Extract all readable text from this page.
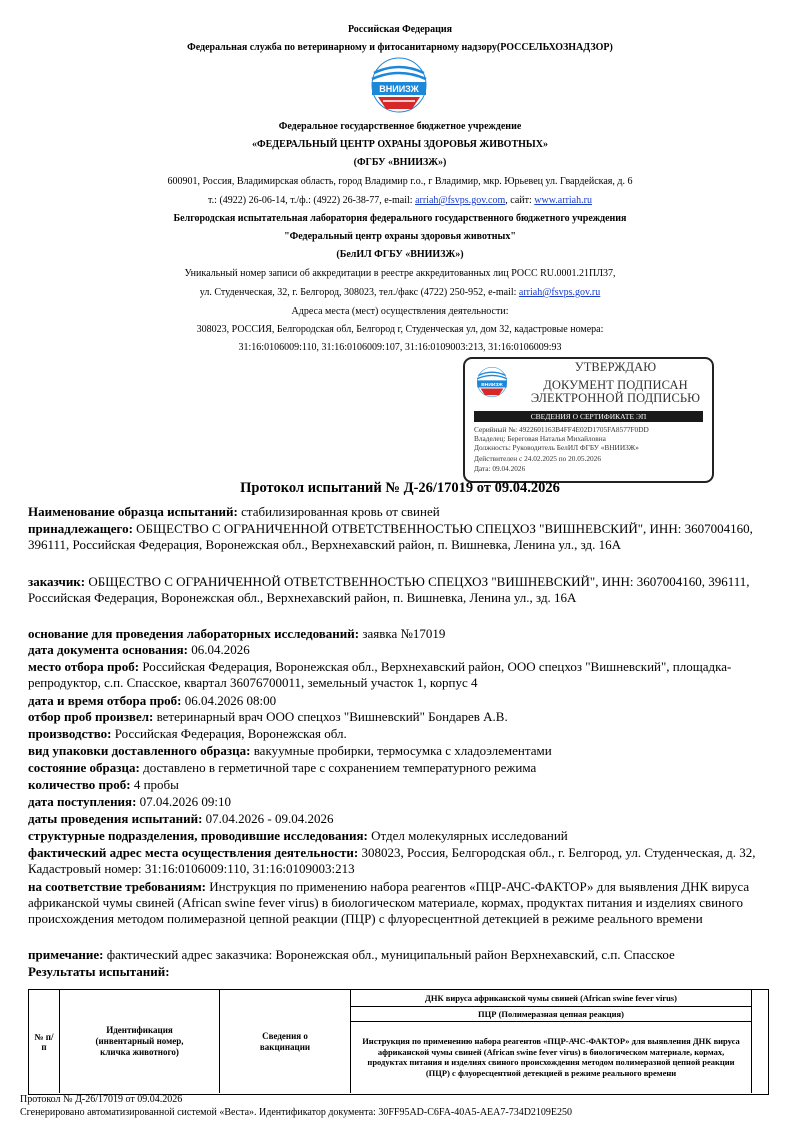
Российская Федерация
Федеральная служба по ветеринарному и фитосанитарному надзору(РОССЕЛЬХОЗНАДЗОР)
ВНИИЗЖ
Федеральное государственное бюджетное учреждение
«ФЕДЕРАЛЬНЫЙ ЦЕНТР ОХРАНЫ ЗДОРОВЬЯ ЖИВОТНЫХ»
(ФГБУ «ВНИИЗЖ»)
600901, Россия, Владимирская область, город Владимир г.о., г Владимир, мкр. Юрьевец ул. Гвардейская, д. 6
т.: (4922) 26-06-14, т./ф.: (4922) 26-38-77, e-mail: arriah@fsvps.gov.com, сайт: www.arriah.ru
Белгородская испытательная лаборатория федерального государственного бюджетного учреждения
"Федеральный центр охраны здоровья животных"
(БелИЛ ФГБУ «ВНИИЗЖ»)
Уникальный номер записи об аккредитации в реестре аккредитованных лиц РОСС RU.0001.21ПЛ37,
ул. Студенческая, 32, г. Белгород, 308023, тел./факс (4722) 250-952, e-mail: arriah@fsvps.gov.ru
Адреса места (мест) осуществления деятельности:
308023, РОССИЯ, Белгородская обл, Белгород г, Студенческая ул, дом 32, кадастровые номера:
31:16:0106009:110, 31:16:0106009:107, 31:16:0109003:213, 31:16:0106009:93
ВНИИЗЖ
УТВЕРЖДАЮ
ДОКУМЕНТ ПОДПИСАН
ЭЛЕКТРОННОЙ ПОДПИСЬЮ
СВЕДЕНИЯ О СЕРТИФИКАТЕ ЭП
Серийный №: 4922601163B4FF4E02D1705FA8577F0DD
Владелец: Береговая Наталья Михайловна
Должность: Руководитель БелИЛ ФГБУ «ВНИИЗЖ»
Действителен с 24.02.2025 по 20.05.2026
Дата: 09.04.2026
Протокол испытаний № Д-26/17019 от 09.04.2026
Наименование образца испытаний: стабилизированная кровь от свиней
принадлежащего: ОБЩЕСТВО С ОГРАНИЧЕННОЙ ОТВЕТСТВЕННОСТЬЮ СПЕЦХОЗ "ВИШНЕВСКИЙ", ИНН: 3607004160, 396111, Российская Федерация, Воронежская обл., Верхнехавский район, п. Вишневка, Ленина ул., зд. 16А
заказчик: ОБЩЕСТВО С ОГРАНИЧЕННОЙ ОТВЕТСТВЕННОСТЬЮ СПЕЦХОЗ "ВИШНЕВСКИЙ", ИНН: 3607004160, 396111, Российская Федерация, Воронежская обл., Верхнехавский район, п. Вишневка, Ленина ул., зд. 16А
основание для проведения лабораторных исследований: заявка №17019
дата документа основания: 06.04.2026
место отбора проб: Российская Федерация, Воронежская обл., Верхнехавский район, ООО спецхоз "Вишневский", площадка-репродуктор, с.п. Спасское, квартал 36076700011, земельный участок 1, корпус 4
дата и время отбора проб: 06.04.2026 08:00
отбор проб произвел: ветеринарный врач ООО спецхоз "Вишневский" Бондарев А.В.
производство: Российская Федерация, Воронежская обл.
вид упаковки доставленного образца: вакуумные пробирки, термосумка с хладоэлементами
состояние образца: доставлено в герметичной таре с сохранением температурного режима
количество проб: 4 пробы
дата поступления: 07.04.2026 09:10
даты проведения испытаний: 07.04.2026 - 09.04.2026
структурные подразделения, проводившие исследования: Отдел молекулярных исследований
фактический адрес места осуществления деятельности: 308023, Россия, Белгородская обл., г. Белгород, ул. Студенческая, д. 32, Кадастровый номер: 31:16:0106009:110, 31:16:0109003:213
на соответствие требованиям: Инструкция по применению набора реагентов «ПЦР-АЧС-ФАКТОР» для выявления ДНК вируса африканской чумы свиней (African swine fever virus) в биологическом материале, кормах, продуктах питания и изделиях свиного происхождения методом полимеразной цепной реакции (ПЦР) с флуоресцентной детекцией в режиме реального времени
примечание: фактический адрес заказчика: Воронежская обл., муниципальный район Верхнехавский, с.п. Спасское
Результаты испытаний:
№ п/п
Идентификация (инвентарный номер, кличка животного)
Сведения о вакцинации
ДНК вируса африканской чумы свиней (African swine fever virus)
ПЦР (Полимеразная цепная реакция)
Инструкция по применению набора реагентов «ПЦР-АЧС-ФАКТОР» для выявления ДНК вируса африканской чумы свиней (African swine fever virus) в биологическом материале, кормах, продуктах питания и изделиях свиного происхождения методом полимеразной цепной реакции (ПЦР) с флуоресцентной детекцией в режиме реального времени
Протокол № Д-26/17019 от 09.04.2026
Сгенерировано автоматизированной системой «Веста». Идентификатор документа: 30FF95AD-C6FA-40A5-AEA7-734D2109E250
